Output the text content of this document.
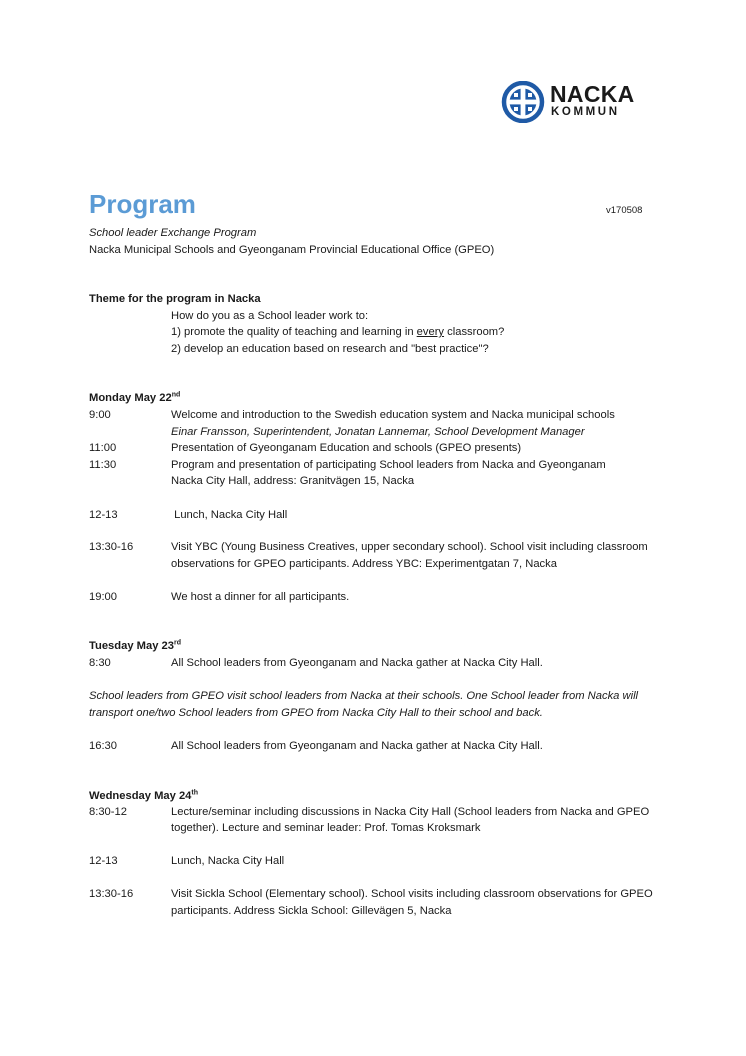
NACKA
KOMMUN
Program	v170508
School leader Exchange Program
Nacka Municipal Schools and Gyeonganam Provincial Educational Office (GPEO)
Theme for the program in Nacka
How do you as a School leader work to:
1) promote the quality of teaching and learning in every classroom?
2) develop an education based on research and "best practice"?
Monday May 22nd
9:00	Welcome and introduction to the Swedish education system and Nacka municipal schools
Einar Fransson, Superintendent, Jonatan Lannemar, School Development Manager
11:00	Presentation of Gyeonganam Education and schools (GPEO presents)
11:30	Program and presentation of participating School leaders from Nacka and Gyeonganam
Nacka City Hall, address: Granitvägen 15, Nacka
12-13	Lunch, Nacka City Hall
13:30-16	Visit YBC (Young Business Creatives, upper secondary school). School visit including classroom
observations for GPEO participants. Address YBC: Experimentgatan 7, Nacka
19:00	We host a dinner for all participants.
Tuesday May 23rd
8:30	All School leaders from Gyeonganam and Nacka gather at Nacka City Hall.
School leaders from GPEO visit school leaders from Nacka at their schools. One School leader from Nacka will
transport one/two School leaders from GPEO from Nacka City Hall to their school and back.
16:30	All School leaders from Gyeonganam and Nacka gather at Nacka City Hall.
Wednesday May 24th
8:30-12	Lecture/seminar including discussions in Nacka City Hall (School leaders from Nacka and GPEO
together). Lecture and seminar leader: Prof. Tomas Kroksmark
12-13	Lunch, Nacka City Hall
13:30-16	Visit Sickla School (Elementary school). School visits including classroom observations for GPEO
participants. Address Sickla School: Gillevägen 5, Nacka
